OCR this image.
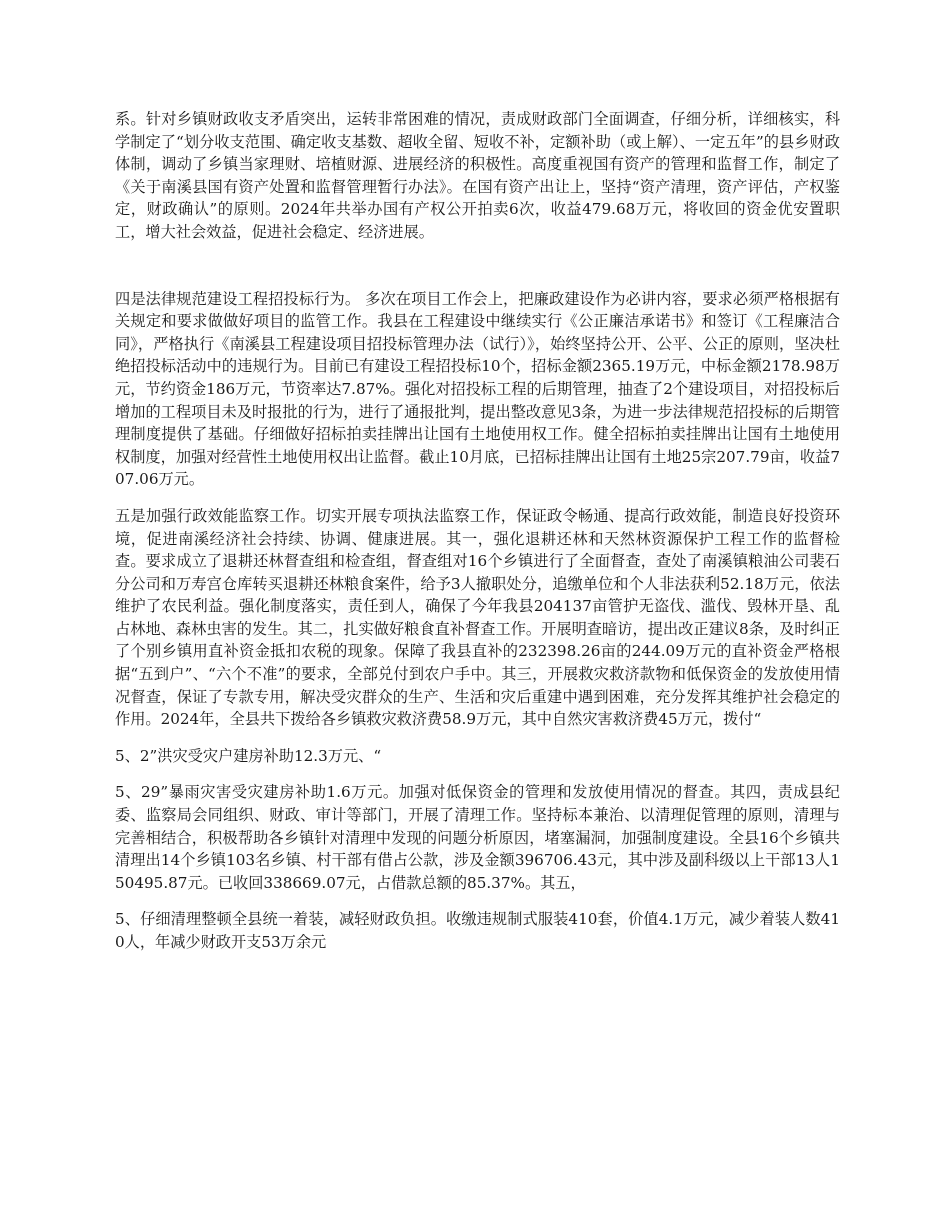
系。针对乡镇财政收支矛盾突出，运转非常困难的情况，责成财政部门全面调查，仔细分析，详细核实，科学制定了“划分收支范围、确定收支基数、超收全留、短收不补，定额补助（或上解）、一定五年”的县乡财政体制，调动了乡镇当家理财、培植财源、进展经济的积极性。高度重视国有资产的管理和监督工作，制定了《关于南溪县国有资产处置和监督管理暂行办法》。在国有资产出让上，坚持“资产清理，资产评估，产权鉴定，财政确认”的原则。2024年共举办国有产权公开拍卖6次，收益479.68万元，将收回的资金优安置职工，增大社会效益，促进社会稳定、经济进展。

四是法律规范建设工程招投标行为。 多次在项目工作会上，把廉政建设作为必讲内容，要求必须严格根据有关规定和要求做做好项目的监管工作。我县在工程建设中继续实行《公正廉洁承诺书》和签订《工程廉洁合同》，严格执行《南溪县工程建设项目招投标管理办法（试行）》，始终坚持公开、公平、公正的原则，坚决杜绝招投标活动中的违规行为。目前已有建设工程招投标10个，招标金额2365.19万元，中标金额2178.98万元，节约资金186万元，节资率达7.87%。强化对招投标工程的后期管理，抽查了2个建设项目，对招投标后增加的工程项目未及时报批的行为，进行了通报批判，提出整改意见3条，为进一步法律规范招投标的后期管理制度提供了基础。仔细做好招标拍卖挂牌出让国有土地使用权工作。健全招标拍卖挂牌出让国有土地使用权制度，加强对经营性土地使用权出让监督。截止10月底，已招标挂牌出让国有土地25宗207.79亩，收益707.06万元。

五是加强行政效能监察工作。切实开展专项执法监察工作，保证政令畅通、提高行政效能，制造良好投资环境，促进南溪经济社会持续、协调、健康进展。其一，强化退耕还林和天然林资源保护工程工作的监督检查。要求成立了退耕还林督查组和检查组，督查组对16个乡镇进行了全面督查，查处了南溪镇粮油公司裴石分公司和万寿宫仓库转买退耕还林粮食案件，给予3人撤职处分，追缴单位和个人非法获利52.18万元，依法维护了农民利益。强化制度落实，责任到人，确保了今年我县204137亩管护无盗伐、滥伐、毁林开垦、乱占林地、森林虫害的发生。其二，扎实做好粮食直补督查工作。开展明查暗访，提出改正建议8条，及时纠正了个别乡镇用直补资金抵扣农税的现象。保障了我县直补的232398.26亩的244.09万元的直补资金严格根据“五到户”、“六个不准”的要求，全部兑付到农户手中。其三，开展救灾救济款物和低保资金的发放使用情况督查，保证了专款专用，解决受灾群众的生产、生活和灾后重建中遇到困难，充分发挥其维护社会稳定的作用。2024年，全县共下拨给各乡镇救灾救济费58.9万元，其中自然灾害救济费45万元，拨付“

5、2”洪灾受灾户建房补助12.3万元、“

5、29”暴雨灾害受灾建房补助1.6万元。加强对低保资金的管理和发放使用情况的督查。其四，责成县纪委、监察局会同组织、财政、审计等部门，开展了清理工作。坚持标本兼治、以清理促管理的原则，清理与完善相结合，积极帮助各乡镇针对清理中发现的问题分析原因，堵塞漏洞，加强制度建设。全县16个乡镇共清理出14个乡镇103名乡镇、村干部有借占公款，涉及金额396706.43元，其中涉及副科级以上干部13人150495.87元。已收回338669.07元，占借款总额的85.37%。其五，

5、仔细清理整顿全县统一着装，减轻财政负担。收缴违规制式服装410套，价值4.1万元，减少着装人数410人，年减少财政开支53万余元
